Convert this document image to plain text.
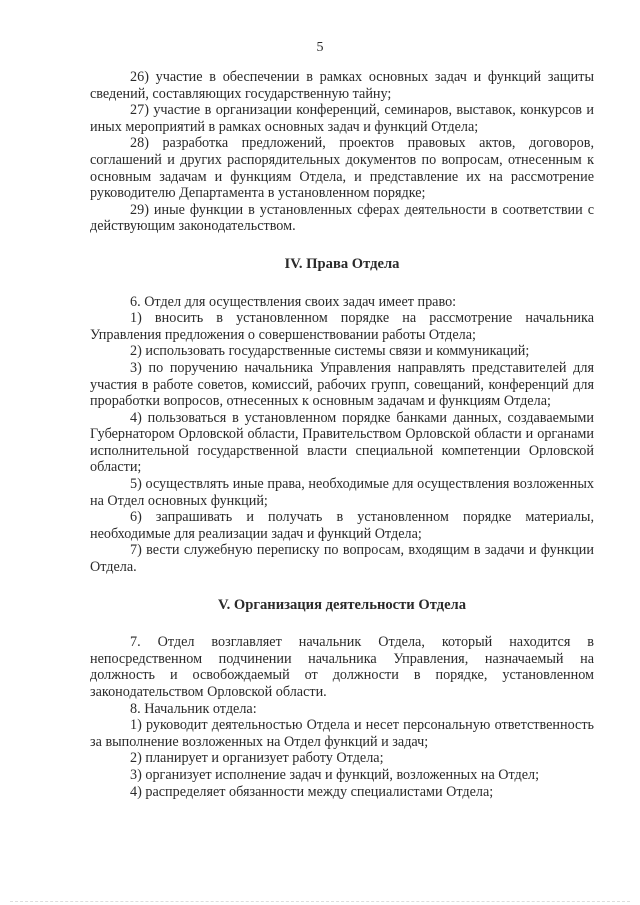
5

26) участие в обеспечении в рамках основных задач и функций защиты сведений, составляющих государственную тайну;

27) участие в организации конференций, семинаров, выставок, конкурсов и иных мероприятий в рамках основных задач и функций Отдела;

28) разработка предложений, проектов правовых актов, договоров, соглашений и других распорядительных документов по вопросам, отнесенным к основным задачам и функциям Отдела, и представление их на рассмотрение руководителю Департамента в установленном порядке;

29) иные функции в установленных сферах деятельности в соответствии с действующим законодательством.

IV. Права Отдела

6. Отдел для осуществления своих задач имеет право:

1) вносить в установленном порядке на рассмотрение начальника Управления предложения о совершенствовании работы Отдела;

2) использовать государственные системы связи и коммуникаций;

3) по поручению начальника Управления направлять представителей для участия в работе советов, комиссий, рабочих групп, совещаний, конференций для проработки вопросов, отнесенных к основным задачам и функциям Отдела;

4) пользоваться в установленном порядке банками данных, создаваемыми Губернатором Орловской области, Правительством Орловской области и органами исполнительной государственной власти специальной компетенции Орловской области;

5) осуществлять иные права, необходимые для осуществления возложенных на Отдел основных функций;

6) запрашивать и получать в установленном порядке материалы, необходимые для реализации задач и функций Отдела;

7) вести служебную переписку по вопросам, входящим в задачи и функции Отдела.

V. Организация деятельности Отдела

7. Отдел возглавляет начальник Отдела, который находится в непосредственном подчинении начальника Управления, назначаемый на должность и освобождаемый от должности в порядке, установленном законодательством Орловской области.

8. Начальник отдела:

1) руководит деятельностью Отдела и несет персональную ответственность за выполнение возложенных на Отдел функций и задач;

2) планирует и организует работу Отдела;

3) организует исполнение задач и функций, возложенных на Отдел;

4) распределяет обязанности между специалистами Отдела;
